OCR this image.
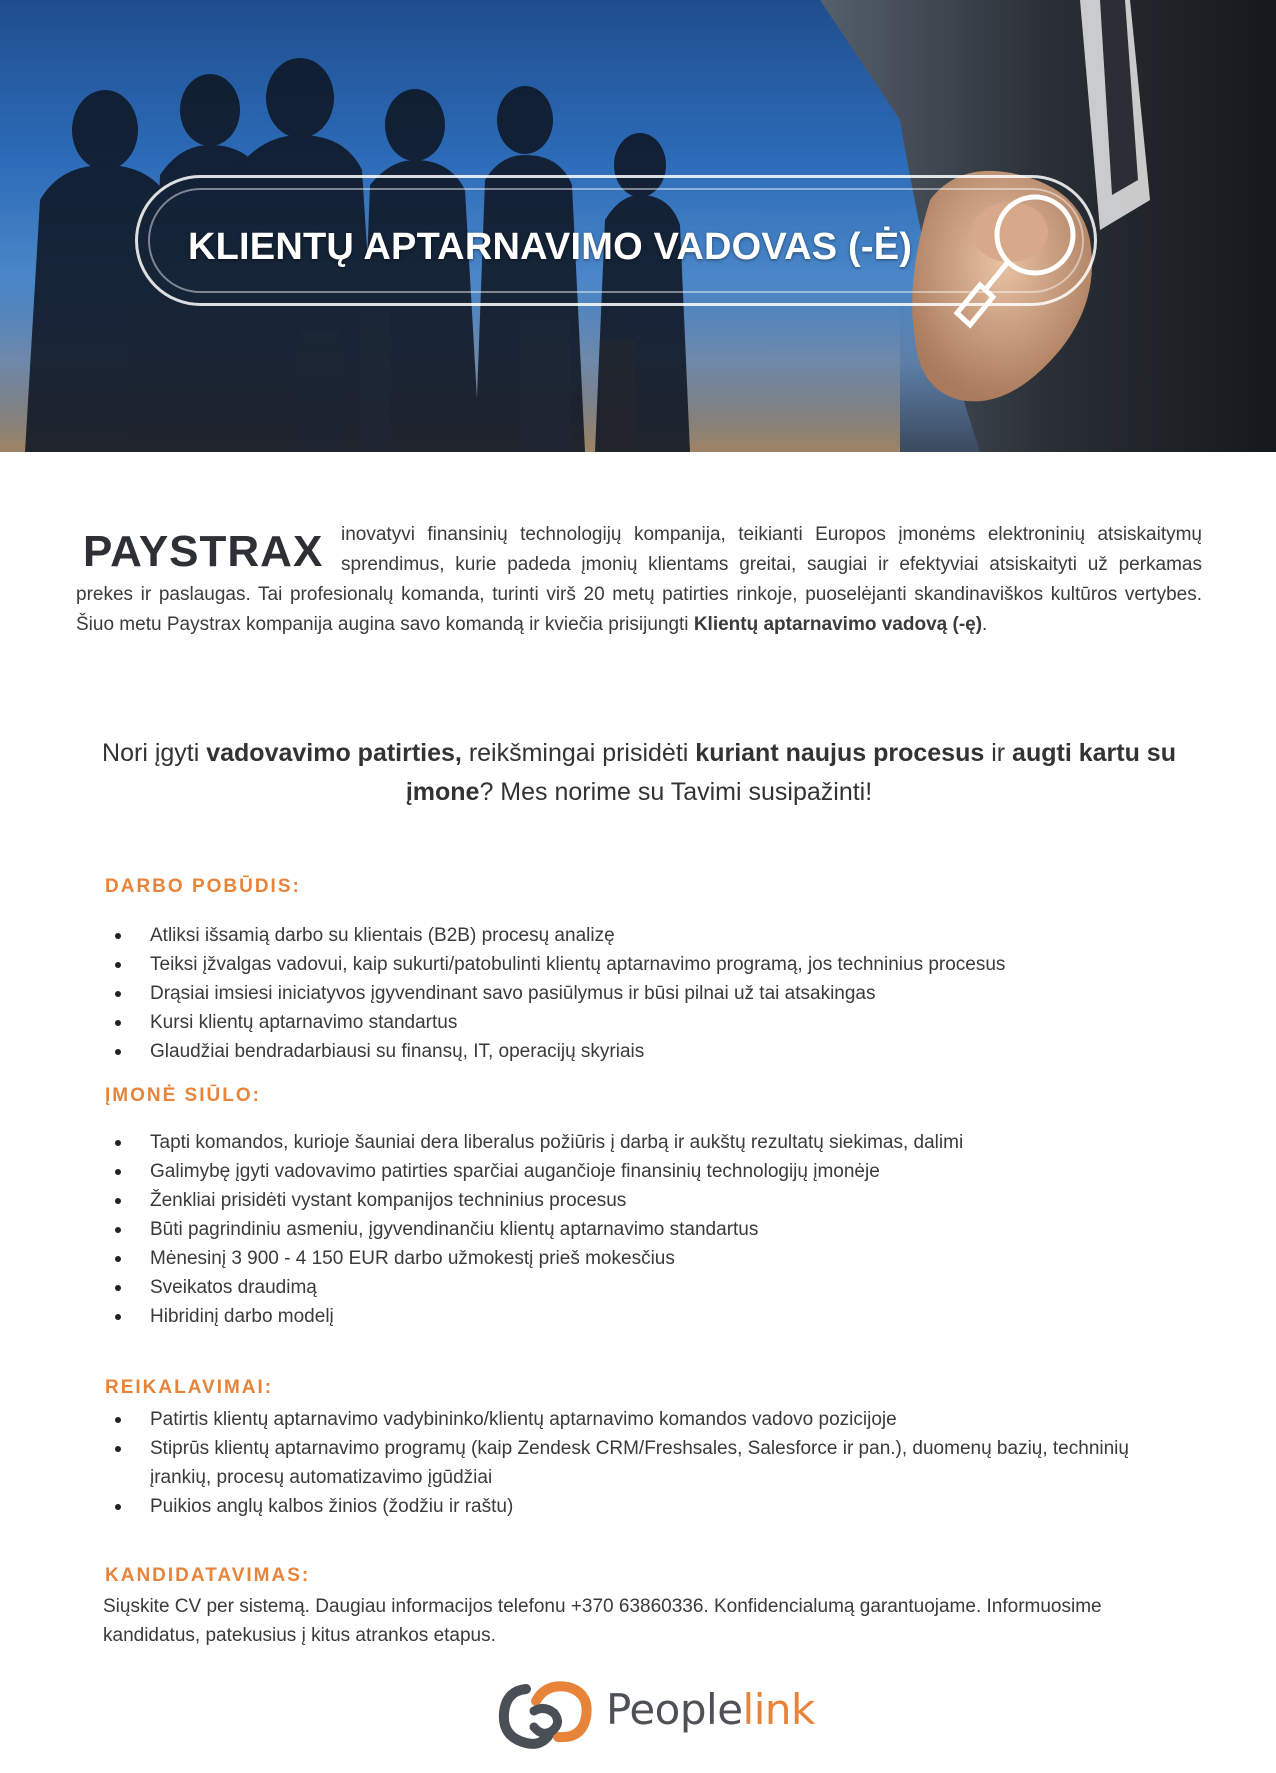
KLIENTŲ APTARNAVIMO VADOVAS (-Ė)
PAYSTRAX inovatyvi finansinių technologijų kompanija, teikianti Europos įmonėms elektroninių atsiskaitymų sprendimus, kurie padeda įmonių klientams greitai, saugiai ir efektyviai atsiskaityti už perkamas prekes ir paslaugas. Tai profesionalų komanda, turinti virš 20 metų patirties rinkoje, puoselėjanti skandinaviškos kultūros vertybes. Šiuo metu Paystrax kompanija augina savo komandą ir kviečia prisijungti Klientų aptarnavimo vadovą (-ę).

Nori įgyti vadovavimo patirties, reikšmingai prisidėti kuriant naujus procesus ir augti kartu su įmone? Mes norime su Tavimi susipažinti!

DARBO POBŪDIS:
Atliksi išsamią darbo su klientais (B2B) procesų analizę
Teiksi įžvalgas vadovui, kaip sukurti/patobulinti klientų aptarnavimo programą, jos techninius procesus
Drąsiai imsiesi iniciatyvos įgyvendinant savo pasiūlymus ir būsi pilnai už tai atsakingas
Kursi klientų aptarnavimo standartus
Glaudžiai bendradarbiausi su finansų, IT, operacijų skyriais
ĮMONĖ SIŪLO:
Tapti komandos, kurioje šauniai dera liberalus požiūris į darbą ir aukštų rezultatų siekimas, dalimi
Galimybę įgyti vadovavimo patirties sparčiai augančioje finansinių technologijų įmonėje
Ženkliai prisidėti vystant kompanijos techninius procesus
Būti pagrindiniu asmeniu, įgyvendinančiu klientų aptarnavimo standartus
Mėnesinį 3 900 - 4 150 EUR darbo užmokestį prieš mokesčius
Sveikatos draudimą
Hibridinį darbo modelį
REIKALAVIMAI:
Patirtis klientų aptarnavimo vadybininko/klientų aptarnavimo komandos vadovo pozicijoje
Stiprūs klientų aptarnavimo programų (kaip Zendesk CRM/Freshsales, Salesforce ir pan.), duomenų bazių, techninių įrankių, procesų automatizavimo įgūdžiai
Puikios anglų kalbos žinios (žodžiu ir raštu)
KANDIDATAVIMAS:

Siųskite CV per sistemą. Daugiau informacijos telefonu +370 63860336. Konfidencialumą garantuojame. Informuosime kandidatus, patekusius į kitus atrankos etapus.

Peoplelink
